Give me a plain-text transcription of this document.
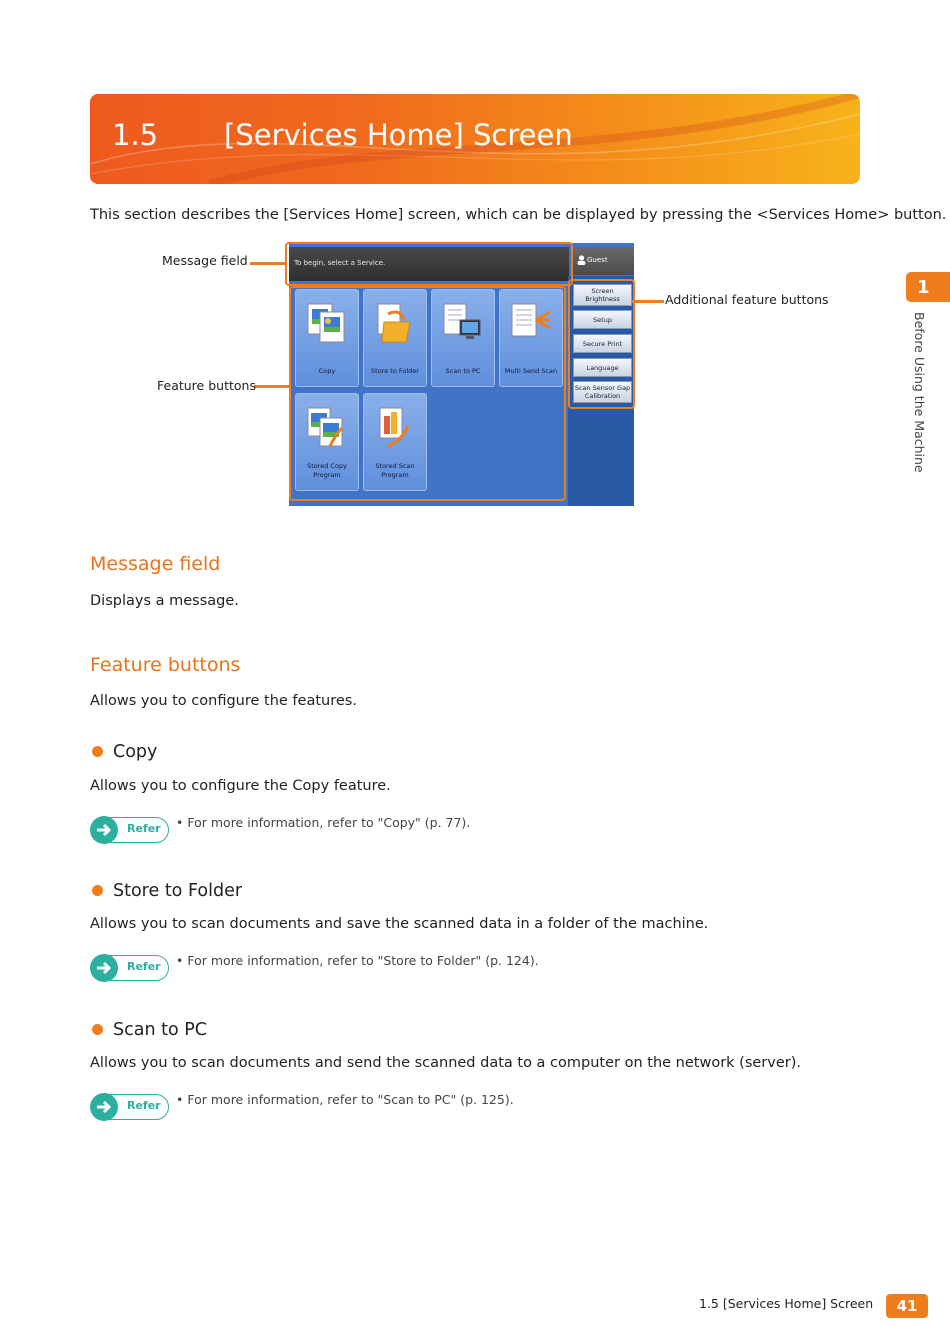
1.5 [Services Home] Screen
This section describes the [Services Home] screen, which can be displayed by pressing the <Services Home> button.
To begin, select a Service.	Guest
Screen Brightness
Setup
Secure Print
Language
Scan Sensor Gap Calibration
Copy	Store to Folder	Scan to PC	Multi Send Scan
Stored Copy Program
Stored Scan Program
Message field
Feature buttons
Additional feature buttons
Message field
Displays a message.
Feature buttons
Allows you to configure the features.
Copy
Allows you to configure the Copy feature.
Refer • For more information, refer to "Copy" (p. 77).
Store to Folder
Allows you to scan documents and save the scanned data in a folder of the machine.
Refer • For more information, refer to "Store to Folder" (p. 124).
Scan to PC
Allows you to scan documents and send the scanned data to a computer on the network (server).
Refer • For more information, refer to "Scan to PC" (p. 125).
1
Before Using the Machine
1.5 [Services Home] Screen	41
